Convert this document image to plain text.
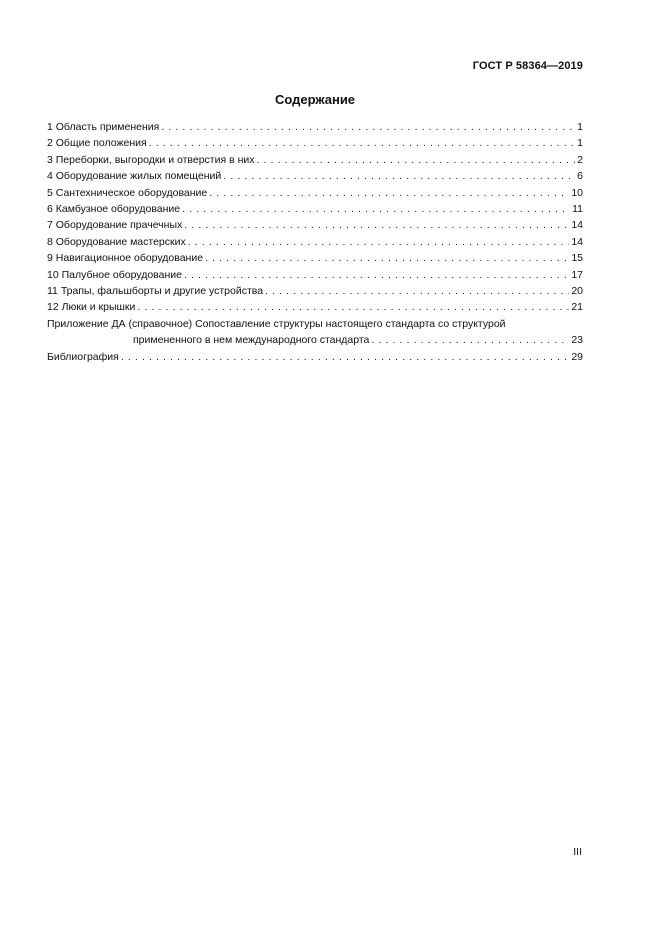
ГОСТ Р 58364—2019
Содержание
1 Область применения . . .	1
2 Общие положения . . .	1
3 Переборки, выгородки и отверстия в них . . .	2
4 Оборудование жилых помещений . . .	6
5 Сантехническое оборудование . . .	10
6 Камбузное оборудование . . .	11
7 Оборудование прачечных . . .	14
8 Оборудование мастерских . . .	14
9 Навигационное оборудование . . .	15
10 Палубное оборудование . . .	17
11 Трапы, фальшборты и другие устройства . . .	20
12 Люки и крышки . . .	21
Приложение ДА (справочное) Сопоставление структуры настоящего стандарта со структурой
примененного в нем международного стандарта . . .	23
Библиография . . .	29
III
